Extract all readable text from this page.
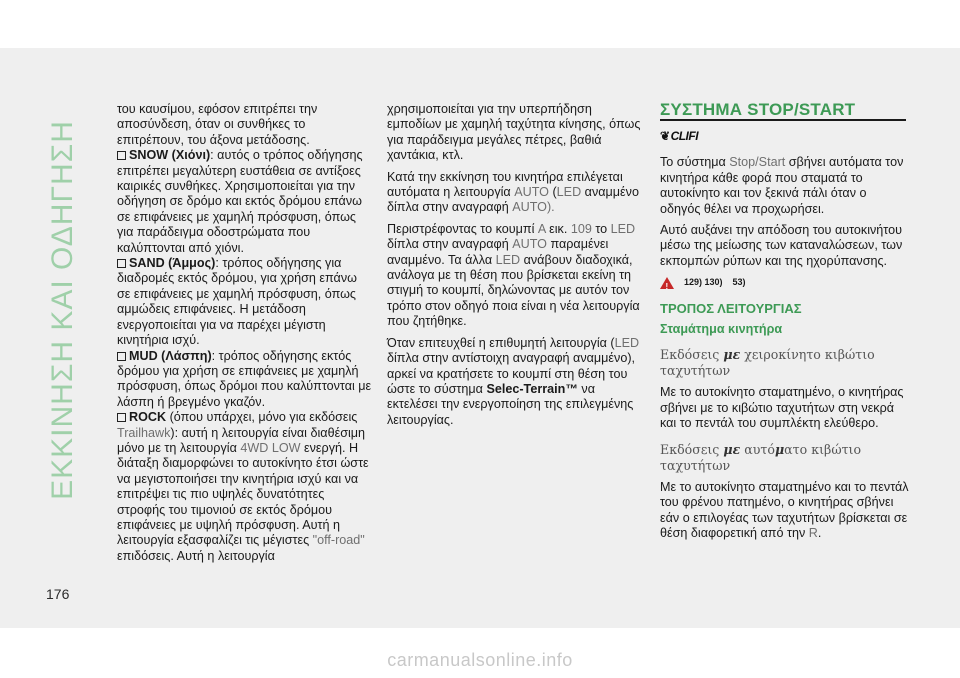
ΕΚΚΙΝΗΣΗ ΚΑΙ ΟΔΗΓΗΣΗ

του καυσίμου, εφόσον επιτρέπει την αποσύνδεση, όταν οι συνθήκες το επιτρέπουν, του άξονα μετάδοσης.

SNOW (Χιόνι): αυτός ο τρόπος οδήγησης επιτρέπει μεγαλύτερη ευστάθεια σε αντίξοες καιρικές συνθήκες. Χρησιμοποιείται για την οδήγηση σε δρόμο και εκτός δρόμου επάνω σε επιφάνειες με χαμηλή πρόσφυση, όπως για παράδειγμα οδοστρώματα που καλύπτονται από χιόνι.

SAND (Άμμος): τρόπος οδήγησης για διαδρομές εκτός δρόμου, για χρήση επάνω σε επιφάνειες με χαμηλή πρόσφυση, όπως αμμώδεις επιφάνειες. Η μετάδοση ενεργοποιείται για να παρέχει μέγιστη κινητήρια ισχύ.

MUD (Λάσπη): τρόπος οδήγησης εκτός δρόμου για χρήση σε επιφάνειες με χαμηλή πρόσφυση, όπως δρόμοι που καλύπτονται με λάσπη ή βρεγμένο γκαζόν.

ROCK (όπου υπάρχει, μόνο για εκδόσεις Trailhawk): αυτή η λειτουργία είναι διαθέσιμη μόνο με τη λειτουργία 4WD LOW ενεργή. Η διάταξη διαμορφώνει το αυτοκίνητο έτσι ώστε να μεγιστοποιήσει την κινητήρια ισχύ και να επιτρέψει τις πιο υψηλές δυνατότητες στροφής του τιμονιού σε εκτός δρόμου επιφάνειες με υψηλή πρόσφυση. Αυτή η λειτουργία εξασφαλίζει τις μέγιστες "off-road" επιδόσεις. Αυτή η λειτουργία

χρησιμοποιείται για την υπερπήδηση εμποδίων με χαμηλή ταχύτητα κίνησης, όπως για παράδειγμα μεγάλες πέτρες, βαθιά χαντάκια, κτλ.

Κατά την εκκίνηση του κινητήρα επιλέγεται αυτόματα η λειτουργία AUTO (LED αναμμένο δίπλα στην αναγραφή AUTO).

Περιστρέφοντας το κουμπί A εικ. 109 το LED δίπλα στην αναγραφή AUTO παραμένει αναμμένο. Τα άλλα LED ανάβουν διαδοχικά, ανάλογα με τη θέση που βρίσκεται εκείνη τη στιγμή το κουμπί, δηλώνοντας με αυτόν τον τρόπο στον οδηγό ποια είναι η νέα λειτουργία που ζητήθηκε.

Όταν επιτευχθεί η επιθυμητή λειτουργία (LED δίπλα στην αντίστοιχη αναγραφή αναμμένο), αρκεί να κρατήσετε το κουμπί στη θέση του ώστε το σύστημα Selec-Terrain™ να εκτελέσει την ενεργοποίηση της επιλεγμένης λειτουργίας.

ΣΥΣΤΗΜΑ STOP/START
❦CLIFI

Το σύστημα Stop/Start σβήνει αυτόματα τον κινητήρα κάθε φορά που σταματά το αυτοκίνητο και τον ξεκινά πάλι όταν ο οδηγός θέλει να προχωρήσει.

Αυτό αυξάνει την απόδοση του αυτοκινήτου μέσω της μείωσης των καταναλώσεων, των εκπομπών ρύπων και της ηχορύπανσης.

! 129) 130) 53)
ΤΡΟΠΟΣ ΛΕΙΤΟΥΡΓΙΑΣ
Σταμάτημα κινητήρα
Εκδόσεις με χειροκίνητο κιβώτιο ταχυτήτων

Με το αυτοκίνητο σταματημένο, ο κινητήρας σβήνει με το κιβώτιο ταχυτήτων στη νεκρά και το πεντάλ του συμπλέκτη ελεύθερο.

Εκδόσεις με αυτόματο κιβώτιο ταχυτήτων

Με το αυτοκίνητο σταματημένο και το πεντάλ του φρένου πατημένο, ο κινητήρας σβήνει εάν ο επιλογέας των ταχυτήτων βρίσκεται σε θέση διαφορετική από την R.

176
carmanualsonline.info
